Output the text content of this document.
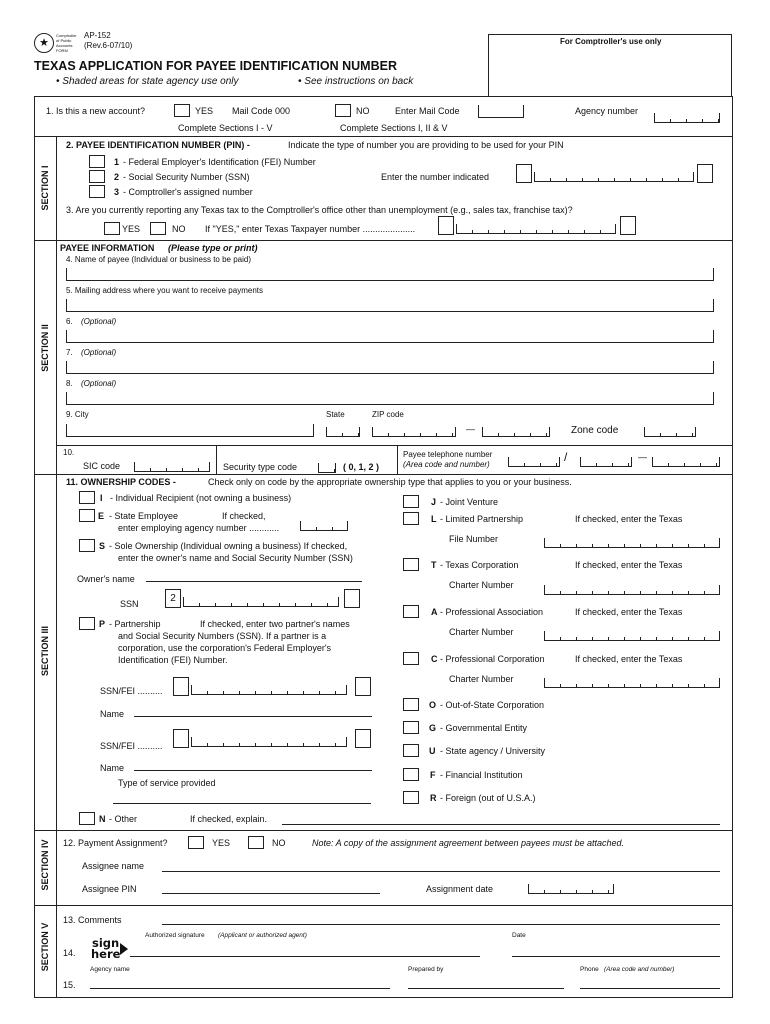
★
Comptroller of Public Accounts FORM
AP-152
(Rev.6-07/10)	For Comptroller's use only
TEXAS APPLICATION FOR PAYEE IDENTIFICATION NUMBER
• Shaded areas for state agency use only	• See instructions on back
1. Is this a new account?	YES Mail Code 000	NO	Enter Mail Code	Agency number
Complete Sections I - V	Complete Sections I, II & V
SECTION I
2. PAYEE IDENTIFICATION NUMBER (PIN) -	Indicate the type of number you are providing to be used for your PIN
1 - Federal Employer's Identification (FEI) Number
2 - Social Security Number (SSN)
3 - Comptroller's assigned number
Enter the number indicated
3. Are you currently reporting any Texas tax to the Comptroller's office other than unemployment (e.g., sales tax, franchise tax)?
YES	NO If "YES," enter Texas Taxpayer number .....................
SECTION II
PAYEE INFORMATION (Please type or print)
4. Name of payee (Individual or business to be paid)
5. Mailing address where you want to receive payments
6. (Optional)
7. (Optional)
8. (Optional)
9. City	State	ZIP code
—	Zone code
10.
SIC code	Security type code	( 0, 1, 2 )
Payee telephone number
(Area code and number)
/	—
SECTION III
11. OWNERSHIP CODES -	Check only on code by the appropriate ownership type that applies to you or your business.
I - Individual Recipient (not owning a business)
E - State Employee	If checked,
enter employing agency number ............
S - Sole Ownership (Individual owning a business) If checked,
enter the owner's name and Social Security Number (SSN)
Owner's name
SSN	2
P - Partnership	If checked, enter two partner's names
and Social Security Numbers (SSN). If a partner is a
corporation, use the corporation's Federal Employer's
Identification (FEI) Number.
SSN/FEI ..........
Name
SSN/FEI ..........
Name
Type of service provided
N - Other	If checked, explain.
J - Joint Venture
L - Limited Partnership	If checked, enter the Texas
File Number
T - Texas Corporation	If checked, enter the Texas
Charter Number
A - Professional Association	If checked, enter the Texas
Charter Number
C - Professional Corporation	If checked, enter the Texas
Charter Number
O - Out-of-State Corporation
G - Governmental Entity
U - State agency / University
F - Financial Institution
R - Foreign (out of U.S.A.)
SECTION IV 12. Payment Assignment?	YES	NO	Note: A copy of the assignment agreement between payees must be attached.
Assignee name
Assignee PIN	Assignment date
SECTION V
13. Comments
Authorized signature (Applicant or authorized agent)	Date
14.
sign
here
Agency name	Prepared by	Phone (Area code and number)
15.
